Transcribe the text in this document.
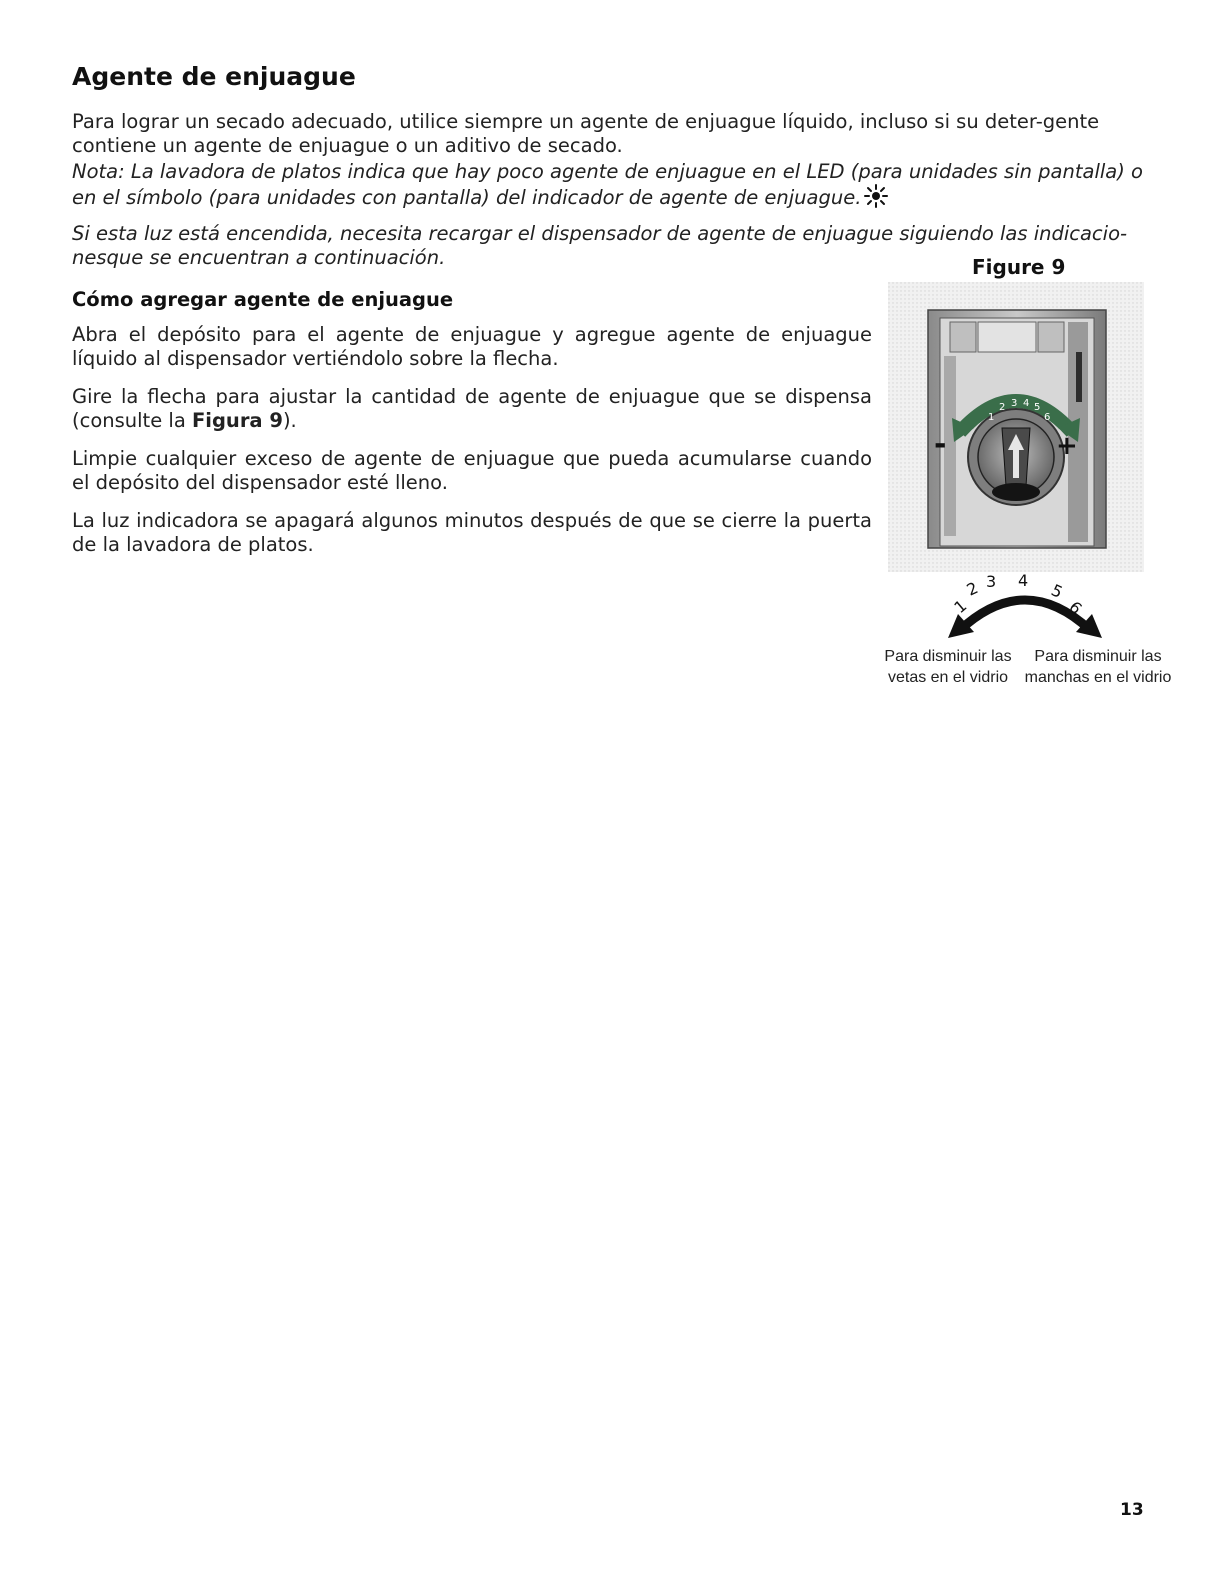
Agente de enjuague

Para lograr un secado adecuado, utilice siempre un agente de enjuague líquido, incluso si su deter-gente contiene un agente de enjuague o un aditivo de secado.

Nota: La lavadora de platos indica que hay poco agente de enjuague en el LED (para unidades sin pantalla) o en el símbolo (para unidades con pantalla) del indicador de agente de enjuague.

Si esta luz está encendida, necesita recargar el dispensador de agente de enjuague siguiendo las indicacio-nesque se encuentran a continuación.

Cómo agregar agente de enjuague

Abra el depósito para el agente de enjuague y agregue agente de enjuague líquido al dispensador vertiéndolo sobre la flecha.

Gire la flecha para ajustar la cantidad de agente de enjuague que se dispensa (consulte la Figura 9).

Limpie cualquier exceso de agente de enjuague que pueda acumularse cuando el depósito del dispensador esté lleno.

La luz indicadora se apagará algunos minutos después de que se cierre la puerta de la lavadora de platos.

Figure 9
1
2 3 4 5
6
-	+
1
2 3 4 5
6
Para disminuir las vetas en el vidrio
Para disminuir las manchas en el vidrio
13
